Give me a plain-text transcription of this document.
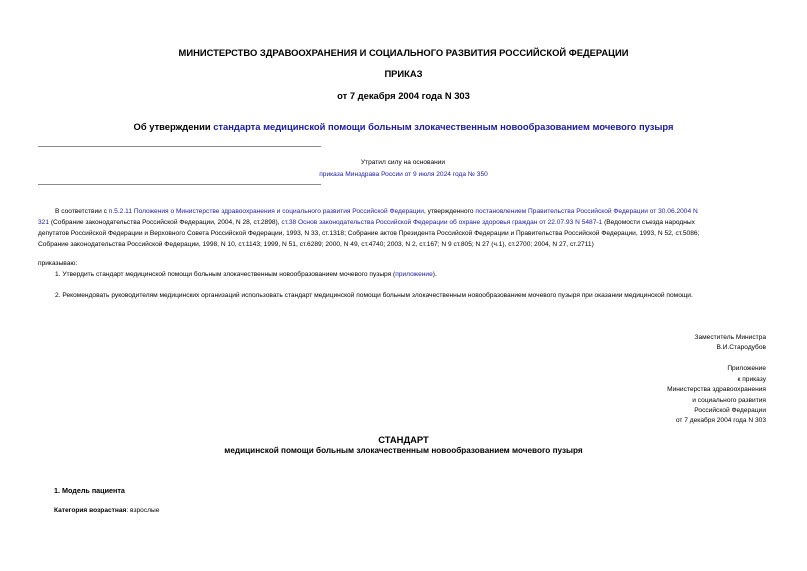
МИНИСТЕРСТВО ЗДРАВООХРАНЕНИЯ И СОЦИАЛЬНОГО РАЗВИТИЯ РОССИЙСКОЙ ФЕДЕРАЦИИ
ПРИКАЗ
от 7 декабря 2004 года N 303
Об утверждении стандарта медицинской помощи больным злокачественным новообразованием мочевого пузыря
Утратил силу на основании
приказа Минздрава России от 9 июля 2024 года № 350
В соответствии с п.5.2.11 Положения о Министерстве здравоохранения и социального развития Российской Федерации, утвержденного постановлением Правительства Российской Федерации от 30.06.2004 N
321 (Собрание законодательства Российской Федерации, 2004, N 28, ст.2898), ст.38 Основ законодательства Российской Федерации об охране здоровья граждан от 22.07.93 N 5487-1 (Ведомости съезда народных
депутатов Российской Федерации и Верховного Совета Российской Федерации, 1993, N 33, ст.1318; Собрание актов Президента Российской Федерации и Правительства Российской Федерации, 1993, N 52, ст.5086;
Собрание законодательства Российской Федерации, 1998, N 10, ст.1143; 1999, N 51, ст.6289; 2000, N 49, ст.4740; 2003, N 2, ст.167; N 9 ст.805; N 27 (ч.1), ст.2700; 2004, N 27, ст.2711)
приказываю:
1. Утвердить стандарт медицинской помощи больным злокачественным новообразованием мочевого пузыря (приложение).
2. Рекомендовать руководителям медицинских организаций использовать стандарт медицинской помощи больным злокачественным новообразованием мочевого пузыря при оказании медицинской помощи.
Заместитель Министра
В.И.Стародубов
Приложение
к приказу
Министерства здравоохранения
и социального развития
Российской Федерации
от 7 декабря 2004 года N 303
СТАНДАРТ
медицинской помощи больным злокачественным новообразованием мочевого пузыря
1. Модель пациента
Категория возрастная: взрослые
